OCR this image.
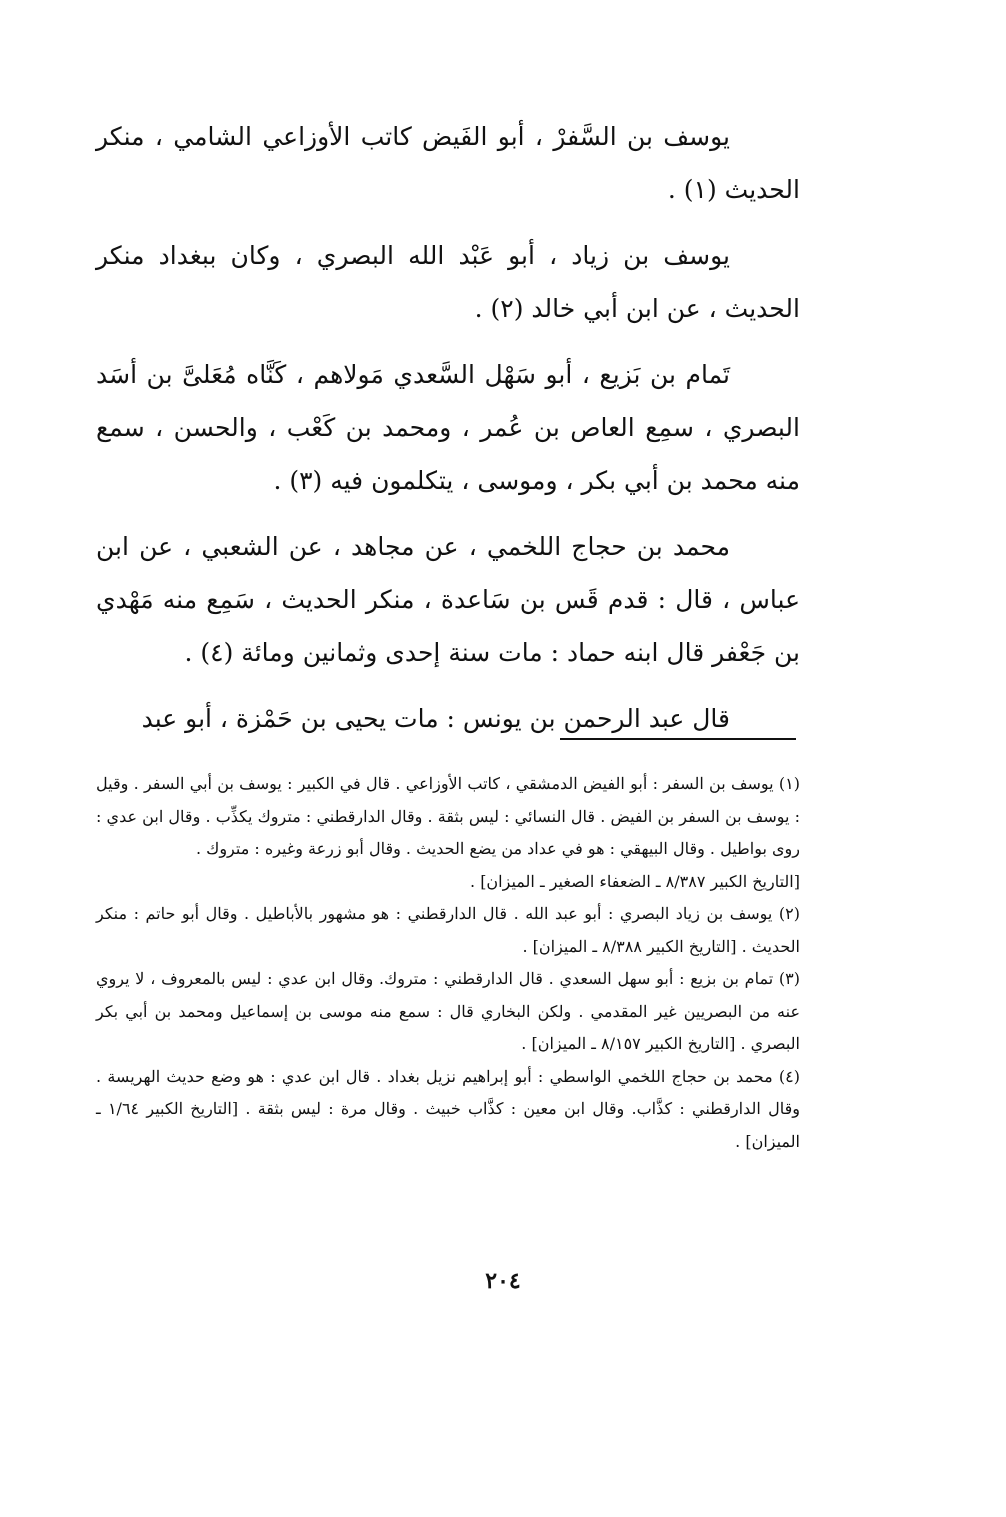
يوسف بن السَّفرْ ، أبو الفَيض كاتب الأوزاعي الشامي ، منكر الحديث (١) .

يوسف بن زياد ، أبو عَبْد الله البصري ، وكان ببغداد منكر الحديث ، عن ابن أبي خالد (٢) .

تَمام بن بَزيع ، أبو سَهْل السَّعدي مَولاهم ، كَنَّاه مُعَلىَّ بن أسَد البصري ، سمِع العاص بن عُمر ، ومحمد بن كَعْب ، والحسن ، سمع منه محمد بن أبي بكر ، وموسى ، يتكلمون فيه (٣) .

محمد بن حجاج اللخمي ، عن مجاهد ، عن الشعبي ، عن ابن عباس ، قال : قدم قَس بن سَاعدة ، منكر الحديث ، سَمِع منه مَهْدي بن جَعْفر قال ابنه حماد : مات سنة إحدى وثمانين ومائة (٤) .

قال عبد الرحمن بن يونس : مات يحيى بن حَمْزة ، أبو عبد

(١) يوسف بن السفر : أبو الفيض الدمشقي ، كاتب الأوزاعي . قال في الكبير : يوسف بن أبي السفر . وقيل : يوسف بن السفر بن الفيض . قال النسائي : ليس بثقة . وقال الدارقطني : متروك يكذِّب . وقال ابن عدي : روى بواطيل . وقال البيهقي : هو في عداد من يضع الحديث . وقال أبو زرعة وغيره : متروك .

[التاريخ الكبير ٨/٣٨٧ ـ الضعفاء الصغير ـ الميزان] .

(٢) يوسف بن زياد البصري : أبو عبد الله . قال الدارقطني : هو مشهور بالأباطيل . وقال أبو حاتم : منكر الحديث . [التاريخ الكبير ٨/٣٨٨ ـ الميزان] .

(٣) تمام بن بزيع : أبو سهل السعدي . قال الدارقطني : متروك. وقال ابن عدي : ليس بالمعروف ، لا يروي عنه من البصريين غير المقدمي . ولكن البخاري قال : سمع منه موسى بن إسماعيل ومحمد بن أبي بكر البصري . [التاريخ الكبير ٨/١٥٧ ـ الميزان] .

(٤) محمد بن حجاج اللخمي الواسطي : أبو إبراهيم نزيل بغداد . قال ابن عدي : هو وضع حديث الهريسة . وقال الدارقطني : كذَّاب. وقال ابن معين : كذَّاب خبيث . وقال مرة : ليس بثقة . [التاريخ الكبير ١/٦٤ ـ الميزان] .

٢٠٤
